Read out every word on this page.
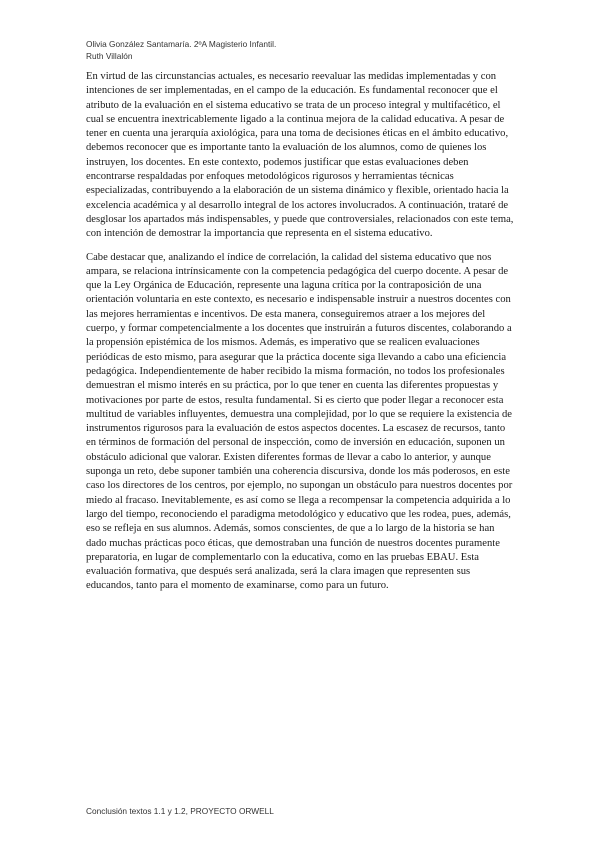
Olivia González Santamaría. 2ºA Magisterio Infantil.
Ruth Villalón

En virtud de las circunstancias actuales, es necesario reevaluar las medidas implementadas y con intenciones de ser implementadas, en el campo de la educación. Es fundamental reconocer que el atributo de la evaluación en el sistema educativo se trata de un proceso integral y multifacético, el cual se encuentra inextricablemente ligado a la continua mejora de la calidad educativa. A pesar de tener en cuenta una jerarquía axiológica, para una toma de decisiones éticas en el ámbito educativo, debemos reconocer que es importante tanto la evaluación de los alumnos, como de quienes los instruyen, los docentes. En este contexto, podemos justificar que estas evaluaciones deben encontrarse respaldadas por enfoques metodológicos rigurosos y herramientas técnicas especializadas, contribuyendo a la elaboración de un sistema dinámico y flexible, orientado hacia la excelencia académica y al desarrollo integral de los actores involucrados. A continuación, trataré de desglosar los apartados más indispensables, y puede que controversiales, relacionados con este tema, con intención de demostrar la importancia que representa en el sistema educativo.

Cabe destacar que, analizando el índice de correlación, la calidad del sistema educativo que nos ampara, se relaciona intrínsicamente con la competencia pedagógica del cuerpo docente. A pesar de que la Ley Orgánica de Educación, represente una laguna crítica por la contraposición de una orientación voluntaria en este contexto, es necesario e indispensable instruir a nuestros docentes con las mejores herramientas e incentivos. De esta manera, conseguiremos atraer a los mejores del cuerpo, y formar competencialmente a los docentes que instruirán a futuros discentes, colaborando a la propensión epistémica de los mismos. Además, es imperativo que se realicen evaluaciones periódicas de esto mismo, para asegurar que la práctica docente siga llevando a cabo una eficiencia pedagógica. Independientemente de haber recibido la misma formación, no todos los profesionales demuestran el mismo interés en su práctica, por lo que tener en cuenta las diferentes propuestas y motivaciones por parte de estos, resulta fundamental. Si es cierto que poder llegar a reconocer esta multitud de variables influyentes, demuestra una complejidad, por lo que se requiere la existencia de instrumentos rigurosos para la evaluación de estos aspectos docentes. La escasez de recursos, tanto en términos de formación del personal de inspección, como de inversión en educación, suponen un obstáculo adicional que valorar. Existen diferentes formas de llevar a cabo lo anterior, y aunque suponga un reto, debe suponer también una coherencia discursiva, donde los más poderosos, en este caso los directores de los centros, por ejemplo, no supongan un obstáculo para nuestros docentes por miedo al fracaso. Inevitablemente, es así como se llega a recompensar la competencia adquirida a lo largo del tiempo, reconociendo el paradigma metodológico y educativo que les rodea, pues, además, eso se refleja en sus alumnos. Además, somos conscientes, de que a lo largo de la historia se han dado muchas prácticas poco éticas, que demostraban una función de nuestros docentes puramente preparatoria, en lugar de complementarlo con la educativa, como en las pruebas EBAU. Esta evaluación formativa, que después será analizada, será la clara imagen que representen sus educandos, tanto para el momento de examinarse, como para un futuro.

Conclusión textos 1.1 y 1.2, PROYECTO ORWELL
